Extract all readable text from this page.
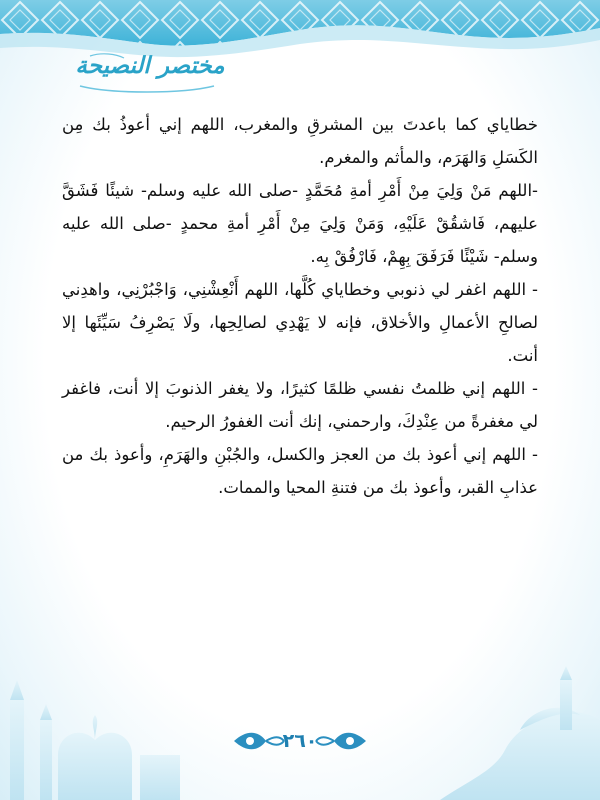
مختصر النصيحة

خطاياي كما باعدتَ بين المشرقِ والمغرب، اللهم إني أعوذُ بك مِن الكَسَلِ وَالهَرَم، والمأثم والمغرم.

-اللهم مَنْ وَلِيَ مِنْ أَمْرِ أمةِ مُحَمَّدٍ -صلى الله عليه وسلم- شيئًا فَشَقَّ عليهم، فَاشقُقْ عَلَيْهِ، وَمَنْ وَلِيَ مِنْ أَمْرِ أمةِ محمدٍ -صلى الله عليه وسلم- شَيْئًا فَرَفَقَ بِهِمْ، فَارْفُقْ بِه.

- اللهم اغفر لي ذنوبي وخطاياي كُلَّها، اللهم أَنْعِشْنِي، وَاجْبُرْنِي، واهدِني لصالحِ الأعمالِ والأخلاق، فإنه لا يَهْدِي لصالِحِها، ولَا يَصْرِفُ سَيِّئَها إلا أنت.

- اللهم إني ظلمتُ نفسي ظلمًا كثيرًا، ولا يغفر الذنوبَ إلا أنت، فاغفر لي مغفرةً من عِنْدِكَ، وارحمني، إنك أنت الغفورُ الرحيم.

- اللهم إني أعوذ بك من العجز والكسل، والجُبْنِ والهَرَمِ، وأعوذ بك من عذابِ القبر، وأعوذ بك من فتنةِ المحيا والممات.

٢٦٠
